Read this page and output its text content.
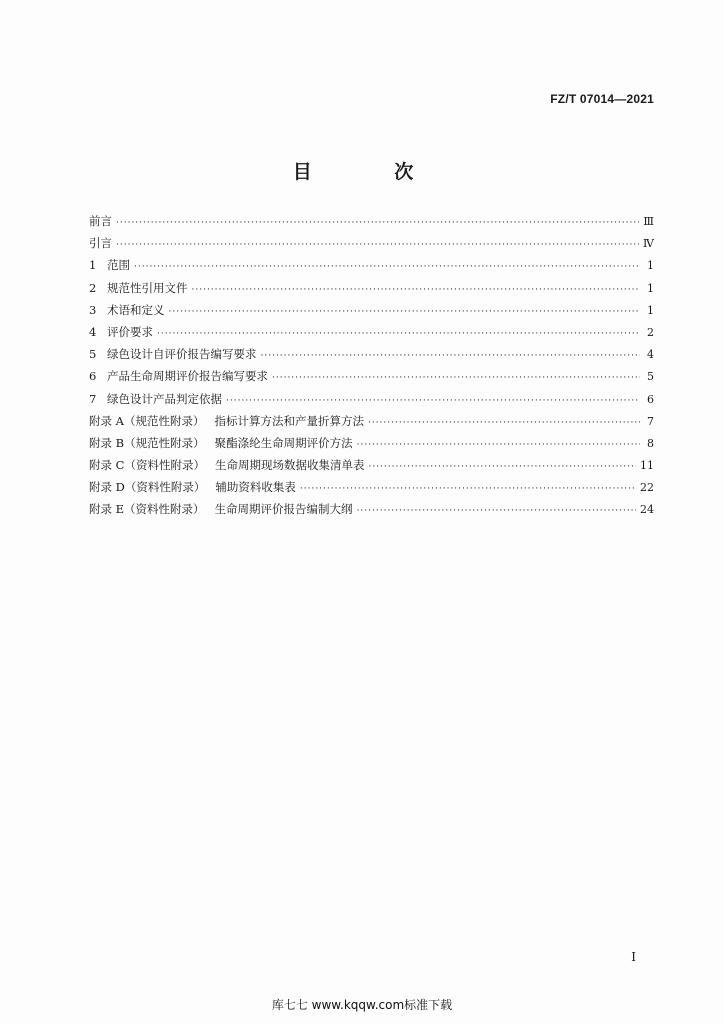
FZ/T 07014—2021
目 次
前言 ·····	Ⅲ
引言 ·····	Ⅳ
1 范围 ·····	1
2 规范性引用文件 ·····	1
3 术语和定义 ·····	1
4 评价要求 ·····	2
5 绿色设计自评价报告编写要求 ·····	4
6 产品生命周期评价报告编写要求 ·····	5
7 绿色设计产品判定依据 ·····	6
附录 A（规范性附录） 指标计算方法和产量折算方法 ·····	7
附录 B（规范性附录） 聚酯涤纶生命周期评价方法 ·····	8
附录 C（资料性附录） 生命周期现场数据收集清单表 ·····	11
附录 D（资料性附录） 辅助资料收集表 ·····	22
附录 E（资料性附录） 生命周期评价报告编制大纲 ·····	24
Ⅰ
库七七 www.kqqw.com标准下载
